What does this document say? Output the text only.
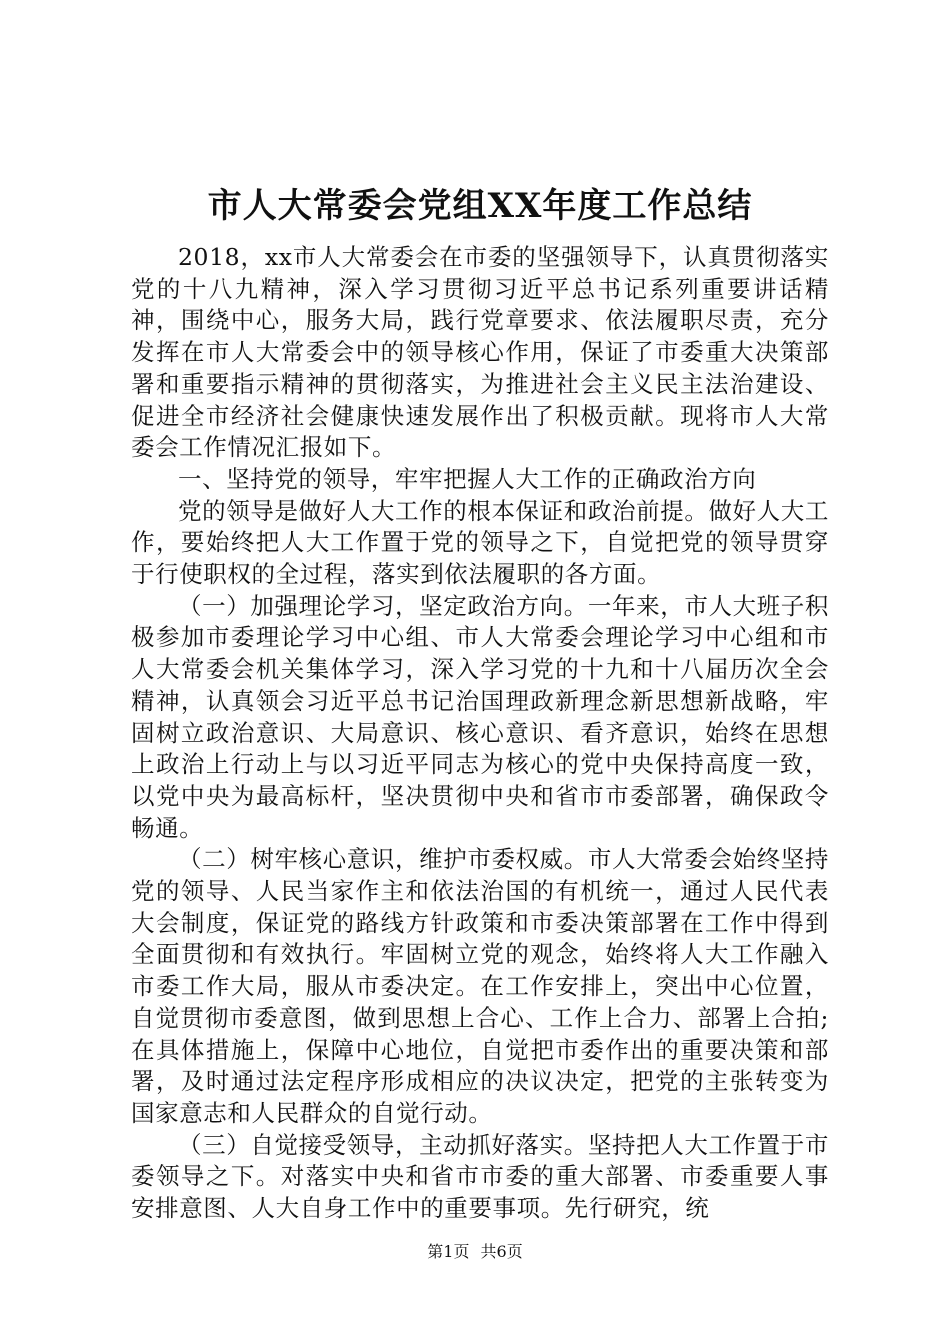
市人大常委会党组XX年度工作总结

2018，xx市人大常委会在市委的坚强领导下，认真贯彻落实党的十八九精神，深入学习贯彻习近平总书记系列重要讲话精神，围绕中心，服务大局，践行党章要求、依法履职尽责，充分发挥在市人大常委会中的领导核心作用，保证了市委重大决策部署和重要指示精神的贯彻落实，为推进社会主义民主法治建设、促进全市经济社会健康快速发展作出了积极贡献。现将市人大常委会工作情况汇报如下。

一、坚持党的领导，牢牢把握人大工作的正确政治方向

党的领导是做好人大工作的根本保证和政治前提。做好人大工作，要始终把人大工作置于党的领导之下，自觉把党的领导贯穿于行使职权的全过程，落实到依法履职的各方面。

（一）加强理论学习，坚定政治方向。一年来，市人大班子积极参加市委理论学习中心组、市人大常委会理论学习中心组和市人大常委会机关集体学习，深入学习党的十九和十八届历次全会精神，认真领会习近平总书记治国理政新理念新思想新战略，牢固树立政治意识、大局意识、核心意识、看齐意识，始终在思想上政治上行动上与以习近平同志为核心的党中央保持高度一致，以党中央为最高标杆，坚决贯彻中央和省市市委部署，确保政令畅通。

（二）树牢核心意识，维护市委权威。市人大常委会始终坚持党的领导、人民当家作主和依法治国的有机统一，通过人民代表大会制度，保证党的路线方针政策和市委决策部署在工作中得到全面贯彻和有效执行。牢固树立党的观念，始终将人大工作融入市委工作大局，服从市委决定。在工作安排上，突出中心位置，自觉贯彻市委意图，做到思想上合心、工作上合力、部署上合拍;在具体措施上，保障中心地位，自觉把市委作出的重要决策和部署，及时通过法定程序形成相应的决议决定，把党的主张转变为国家意志和人民群众的自觉行动。

（三）自觉接受领导，主动抓好落实。坚持把人大工作置于市委领导之下。对落实中央和省市市委的重大部署、市委重要人事安排意图、人大自身工作中的重要事项。先行研究，统

第1页 共6页
